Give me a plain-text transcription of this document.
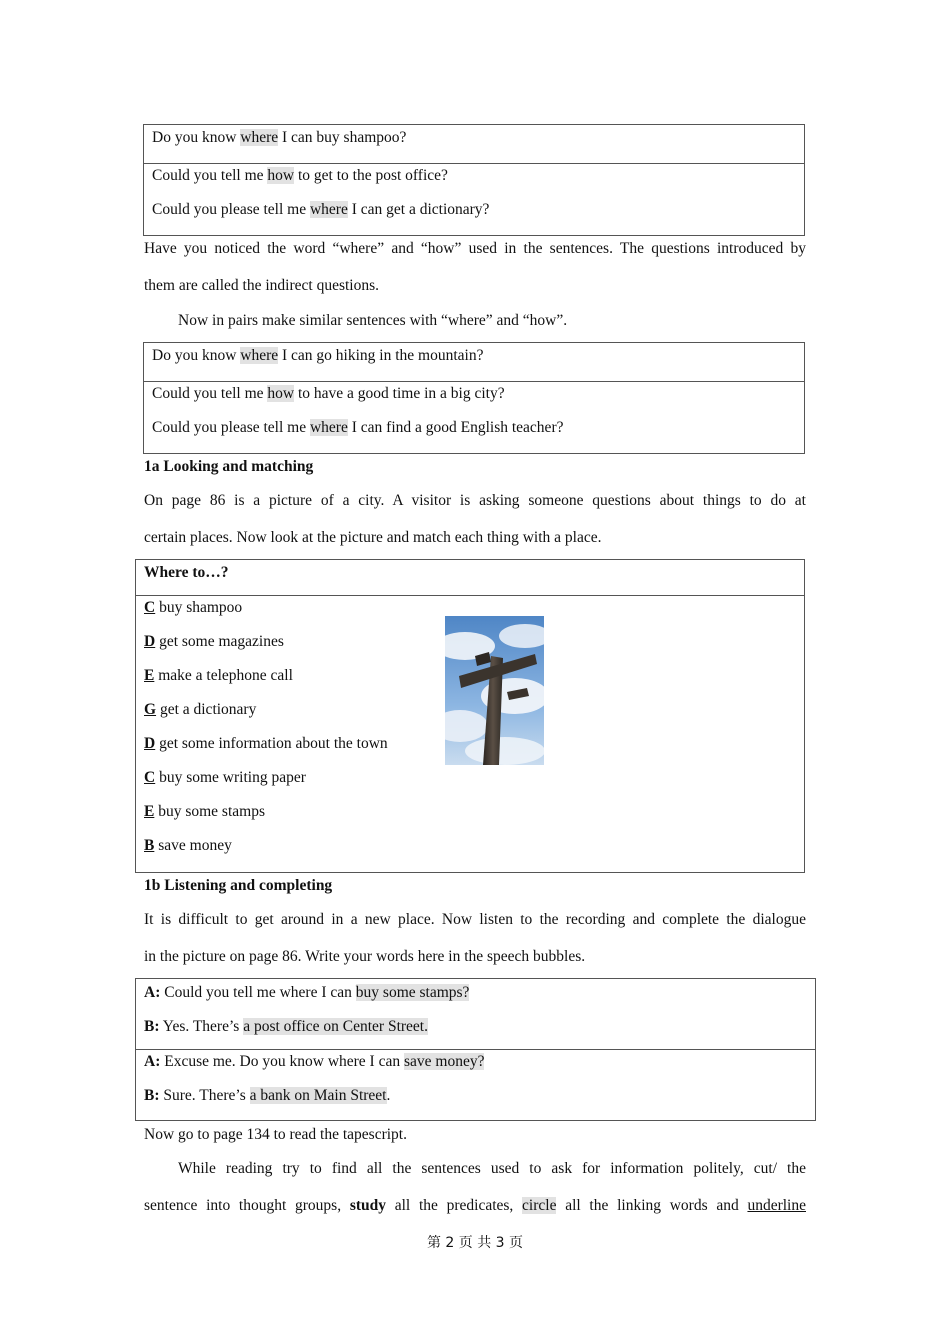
Do you know where I can buy shampoo?
Could you tell me how to get to the post office?
Could you please tell me where I can get a dictionary?
Have you noticed the word “where” and “how” used in the sentences. The questions introduced by
them are called the indirect questions.
Now in pairs make similar sentences with “where” and “how”.
Do you know where I can go hiking in the mountain?
Could you tell me how to have a good time in a big city?
Could you please tell me where I can find a good English teacher?
1a Looking and matching
On page 86 is a picture of a city. A visitor is asking someone questions about things to do at
certain places. Now look at the picture and match each thing with a place.
Where to…?
C buy shampoo
D get some magazines
E make a telephone call
G get a dictionary
D get some information about the town
C buy some writing paper
E buy some stamps
B save money
1b Listening and completing
It is difficult to get around in a new place. Now listen to the recording and complete the dialogue
in the picture on page 86. Write your words here in the speech bubbles.
A: Could you tell me where I can buy some stamps?
B: Yes. There’s a post office on Center Street.
A: Excuse me. Do you know where I can save money?
B: Sure. There’s a bank on Main Street.
Now go to page 134 to read the tapescript.
While reading try to find all the sentences used to ask for information politely, cut/ the
sentence into thought groups, study all the predicates, circle all the linking words and underline
第 2 页 共 3 页
